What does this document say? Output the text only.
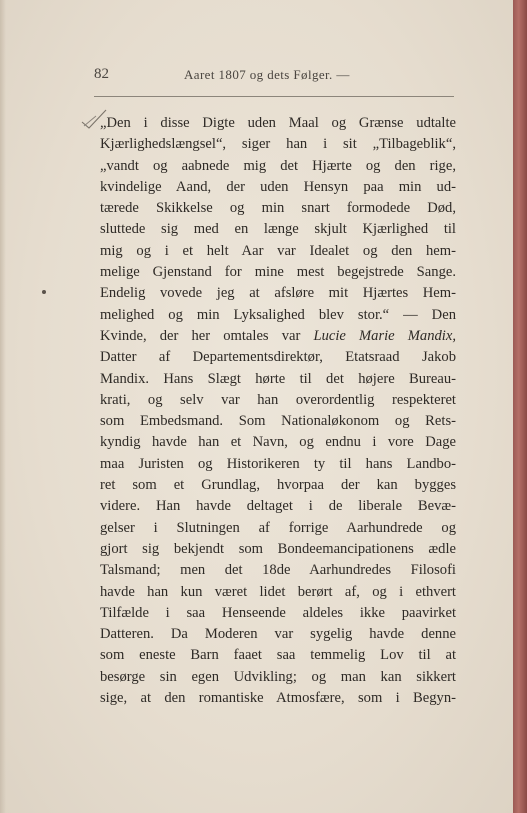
82	Aaret 1807 og dets Følger. —
„Den i disse Digte uden Maal og Grænse udtalte
Kjærlighedslængsel“, siger han i sit „Tilbageblik“,
„vandt og aabnede mig det Hjærte og den rige,
kvindelige Aand, der uden Hensyn paa min ud-
tærede Skikkelse og min snart formodede Død,
sluttede sig med en længe skjult Kjærlighed til
mig og i et helt Aar var Idealet og den hem-
melige Gjenstand for mine mest begejstrede Sange.
Endelig vovede jeg at afsløre mit Hjærtes Hem-
melighed og min Lyksalighed blev stor.“ — Den
Kvinde, der her omtales var Lucie Marie Mandix,
Datter af Departementsdirektør, Etatsraad Jakob
Mandix. Hans Slægt hørte til det højere Bureau-
krati, og selv var han overordentlig respekteret
som Embedsmand. Som Nationaløkonom og Rets-
kyndig havde han et Navn, og endnu i vore Dage
maa Juristen og Historikeren ty til hans Landbo-
ret som et Grundlag, hvorpaa der kan bygges
videre. Han havde deltaget i de liberale Bevæ-
gelser i Slutningen af forrige Aarhundrede og
gjort sig bekjendt som Bondeemancipationens ædle
Talsmand; men det 18de Aarhundredes Filosofi
havde han kun været lidet berørt af, og i ethvert
Tilfælde i saa Henseende aldeles ikke paavirket
Datteren. Da Moderen var sygelig havde denne
som eneste Barn faaet saa temmelig Lov til at
besørge sin egen Udvikling; og man kan sikkert
sige, at den romantiske Atmosfære, som i Begyn-
